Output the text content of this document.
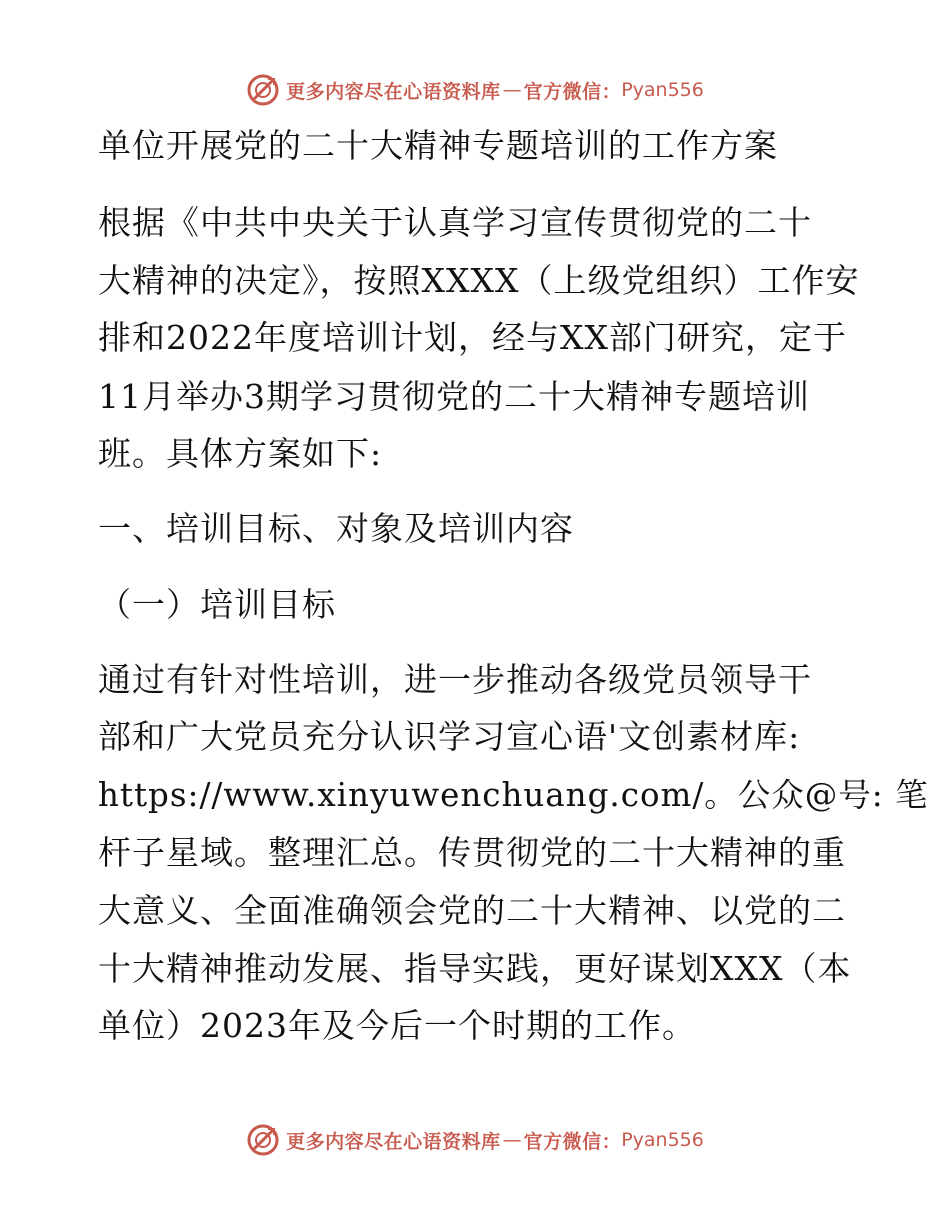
更多内容尽在心语资料库 — 官方微信： Pyan556
单位开展党的二十大精神专题培训的工作方案
根据《中共中央关于认真学习宣传贯彻党的二十
大精神的决定》，按照XXXX（上级党组织）工作安
排和2022年度培训计划，经与XX部门研究，定于
11月举办3期学习贯彻党的二十大精神专题培训
班。具体方案如下:
一、培训目标、对象及培训内容
（一）培训目标
通过有针对性培训，进一步推动各级党员领导干
部和广大党员充分认识学习宣心语'文创素材库:
https://www.xinyuwenchuang.com/。公众@号: 笔
杆子星域。整理汇总。传贯彻党的二十大精神的重
大意义、全面准确领会党的二十大精神、以党的二
十大精神推动发展、指导实践，更好谋划XXX（本
单位）2023年及今后一个时期的工作。
更多内容尽在心语资料库 — 官方微信： Pyan556
